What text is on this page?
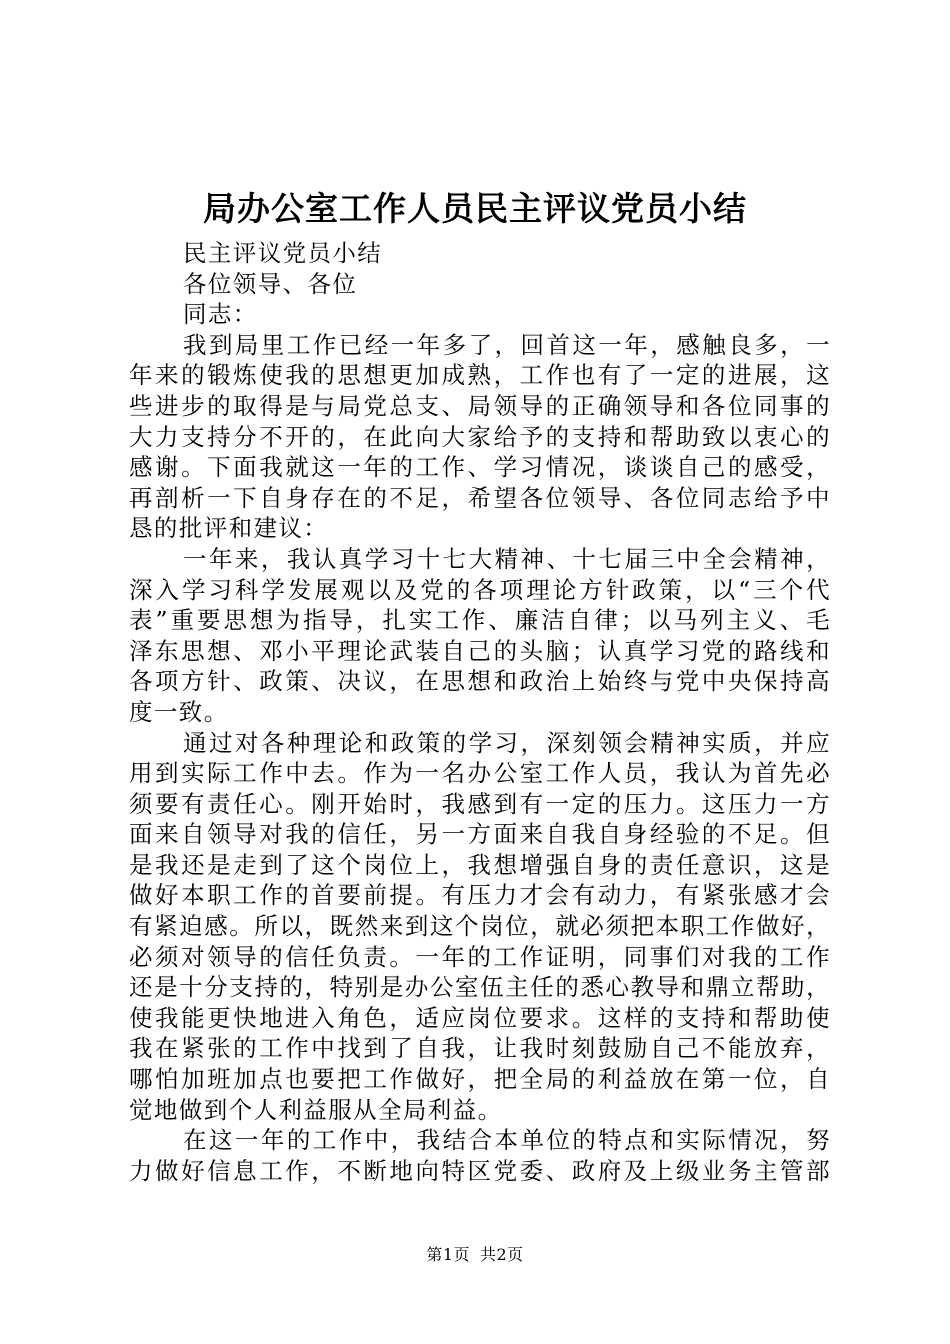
局办公室工作人员民主评议党员小结
民主评议党员小结
各位领导、各位
同志：
我到局里工作已经一年多了，回首这一年，感触良多，一
年来的锻炼使我的思想更加成熟，工作也有了一定的进展，这
些进步的取得是与局党总支、局领导的正确领导和各位同事的
大力支持分不开的，在此向大家给予的支持和帮助致以衷心的
感谢。下面我就这一年的工作、学习情况，谈谈自己的感受，
再剖析一下自身存在的不足，希望各位领导、各位同志给予中
恳的批评和建议：
一年来，我认真学习十七大精神、十七届三中全会精神，
深入学习科学发展观以及党的各项理论方针政策，以“三个代
表”重要思想为指导，扎实工作、廉洁自律；以马列主义、毛
泽东思想、邓小平理论武装自己的头脑；认真学习党的路线和
各项方针、政策、决议，在思想和政治上始终与党中央保持高
度一致。
通过对各种理论和政策的学习，深刻领会精神实质，并应
用到实际工作中去。作为一名办公室工作人员，我认为首先必
须要有责任心。刚开始时，我感到有一定的压力。这压力一方
面来自领导对我的信任，另一方面来自我自身经验的不足。但
是我还是走到了这个岗位上，我想增强自身的责任意识，这是
做好本职工作的首要前提。有压力才会有动力，有紧张感才会
有紧迫感。所以，既然来到这个岗位，就必须把本职工作做好，
必须对领导的信任负责。一年的工作证明，同事们对我的工作
还是十分支持的，特别是办公室伍主任的悉心教导和鼎立帮助，
使我能更快地进入角色，适应岗位要求。这样的支持和帮助使
我在紧张的工作中找到了自我，让我时刻鼓励自己不能放弃，
哪怕加班加点也要把工作做好，把全局的利益放在第一位，自
觉地做到个人利益服从全局利益。
在这一年的工作中，我结合本单位的特点和实际情况，努
力做好信息工作，不断地向特区党委、政府及上级业务主管部
第1页 共2页
